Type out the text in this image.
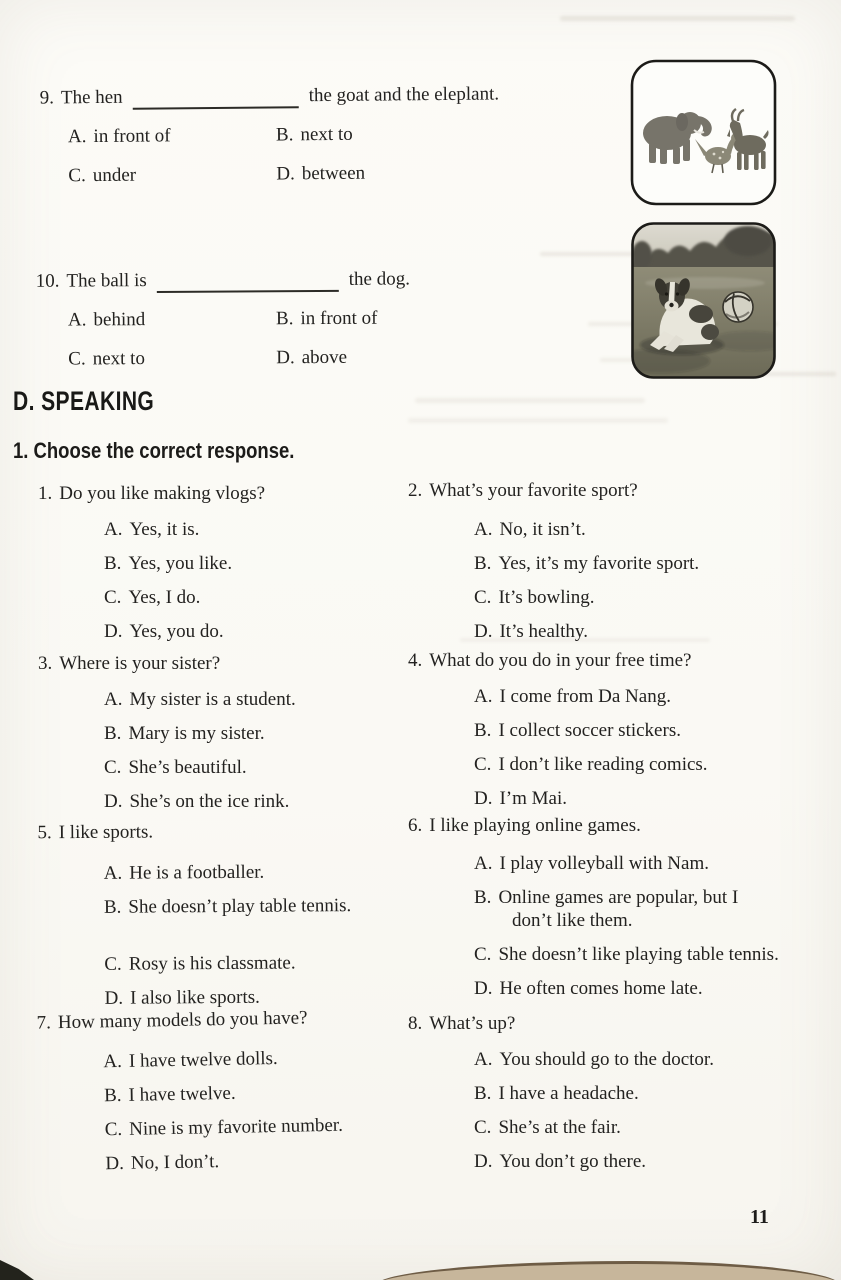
9. The hen	the goat and the eleplant.
A. in front of	B. next to
C. under	D. between
10. The ball is	the dog.
A. behind	B. in front of
C. next to	D. above
D. SPEAKING
1. Choose the correct response.
1. Do you like making vlogs?
A. Yes, it is.
B. Yes, you like.
C. Yes, I do.
D. Yes, you do.
2. What’s your favorite sport?
A. No, it isn’t.
B. Yes, it’s my favorite sport.
C. It’s bowling.
D. It’s healthy.
3. Where is your sister?
A. My sister is a student.
B. Mary is my sister.
C. She’s beautiful.
D. She’s on the ice rink.
4. What do you do in your free time?
A. I come from Da Nang.
B. I collect soccer stickers.
C. I don’t like reading comics.
D. I’m Mai.
5. I like sports.
A. He is a footballer.
B. She doesn’t play table tennis.
C. Rosy is his classmate.
D. I also like sports.
6. I like playing online games.
A. I play volleyball with Nam.
B. Online games are popular, but I
don’t like them.
C. She doesn’t like playing table tennis.
D. He often comes home late.
7. How many models do you have?
A. I have twelve dolls.
B. I have twelve.
C. Nine is my favorite number.
D. No, I don’t.
8. What’s up?
A. You should go to the doctor.
B. I have a headache.
C. She’s at the fair.
D. You don’t go there.
11
